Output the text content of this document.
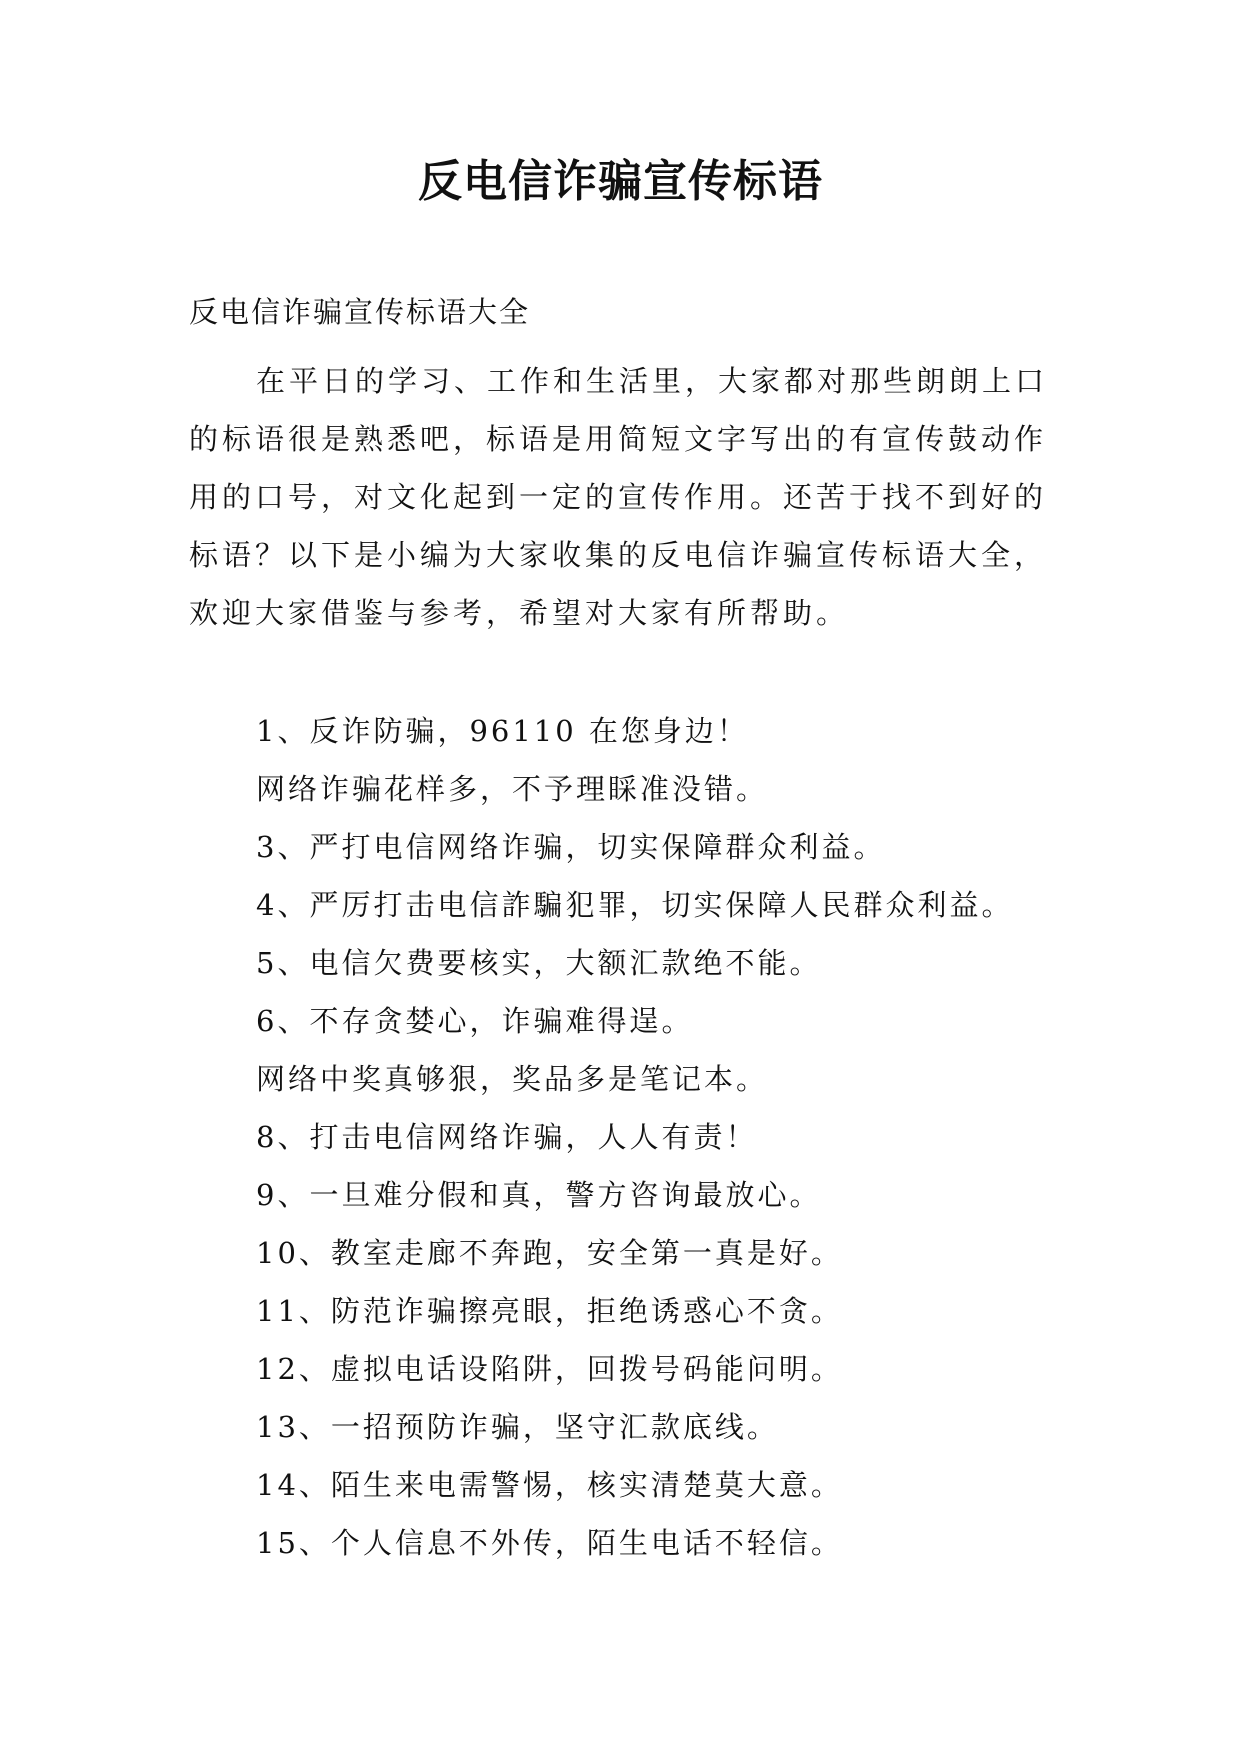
反电信诈骗宣传标语
反电信诈骗宣传标语大全
在平日的学习、工作和生活里，大家都对那些朗朗上口
的标语很是熟悉吧，标语是用简短文字写出的有宣传鼓动作
用的口号，对文化起到一定的宣传作用。还苦于找不到好的
标语？以下是小编为大家收集的反电信诈骗宣传标语大全，
欢迎大家借鉴与参考，希望对大家有所帮助。
1、反诈防骗，96110 在您身边！
网络诈骗花样多，不予理睬准没错。
3、严打电信网络诈骗，切实保障群众利益。
4、严厉打击电信詐騙犯罪，切实保障人民群众利益。
5、电信欠费要核实，大额汇款绝不能。
6、不存贪婪心，诈骗难得逞。
网络中奖真够狠，奖品多是笔记本。
8、打击电信网络诈骗，人人有责！
9、一旦难分假和真，警方咨询最放心。
10、教室走廊不奔跑，安全第一真是好。
11、防范诈骗擦亮眼，拒绝诱惑心不贪。
12、虚拟电话设陷阱，回拨号码能问明。
13、一招预防诈骗，坚守汇款底线。
14、陌生来电需警惕，核实清楚莫大意。
15、个人信息不外传，陌生电话不轻信。
